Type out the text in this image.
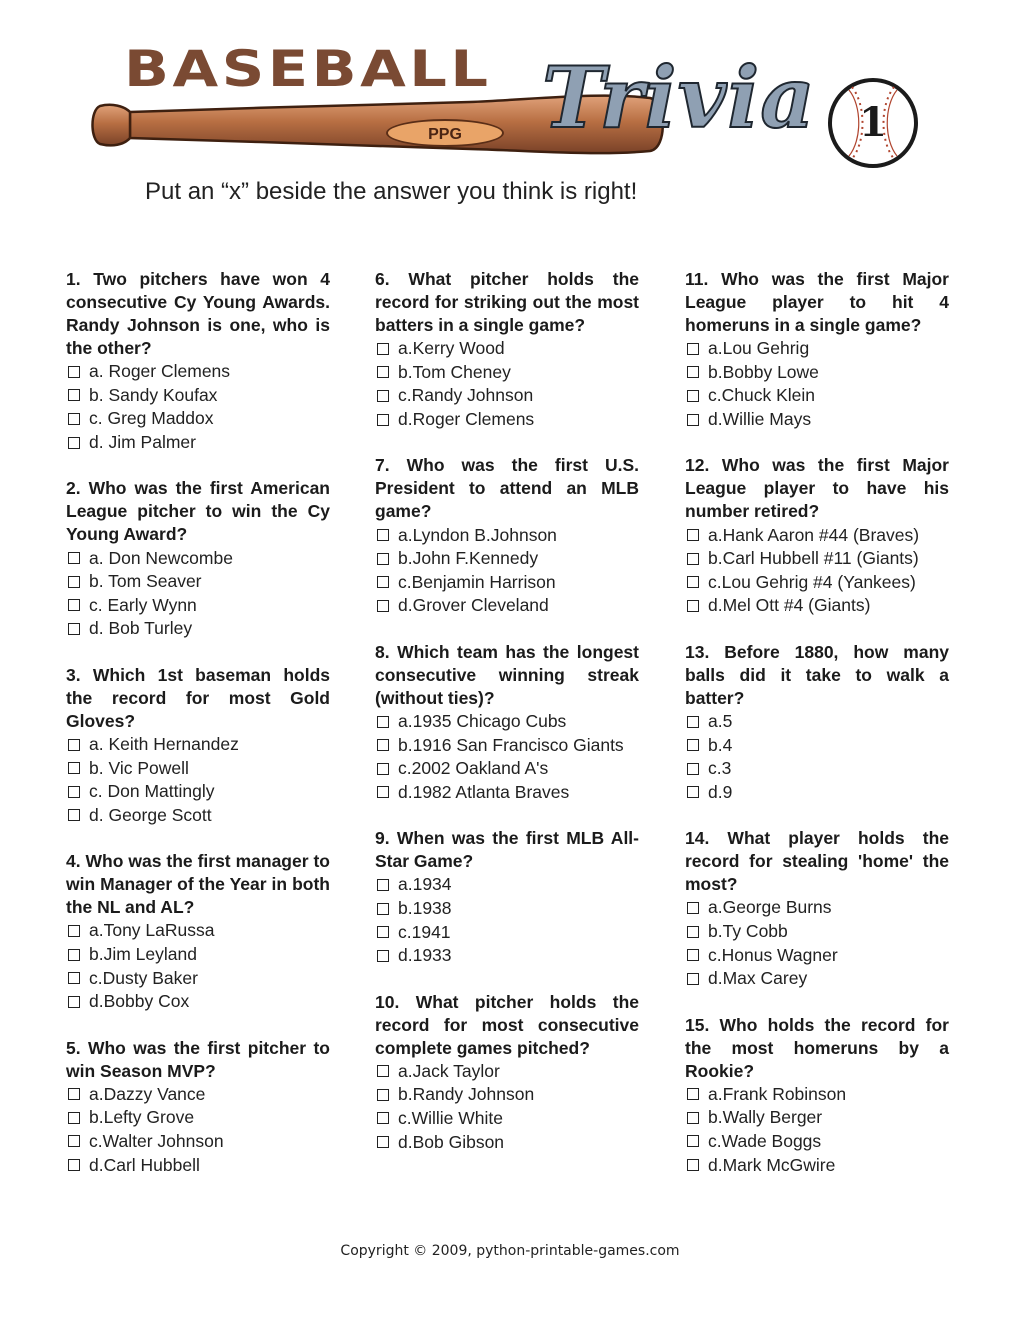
BASEBALL
PPG Trivia	1

Put an “x” beside the answer you think is right!

1. Two pitchers have won 4 consecutive Cy Young Awards. Randy Johnson is one, who is the other?

a. Roger Clemens
b. Sandy Koufax
c. Greg Maddox
d. Jim Palmer

2. Who was the first American League pitcher to win the Cy Young Award?

a. Don Newcombe
b. Tom Seaver
c. Early Wynn
d. Bob Turley

3. Which 1st baseman holds the record for most Gold Gloves?

a. Keith Hernandez
b. Vic Powell
c. Don Mattingly
d. George Scott

4. Who was the first manager to win Manager of the Year in both the NL and AL?

a.Tony LaRussa
b.Jim Leyland
c.Dusty Baker
d.Bobby Cox

5. Who was the first pitcher to win Season MVP?

a.Dazzy Vance
b.Lefty Grove
c.Walter Johnson
d.Carl Hubbell

6. What pitcher holds the record for striking out the most batters in a single game?

a.Kerry Wood
b.Tom Cheney
c.Randy Johnson
d.Roger Clemens

7. Who was the first U.S. President to attend an MLB game?

a.Lyndon B.Johnson
b.John F.Kennedy
c.Benjamin Harrison
d.Grover Cleveland

8. Which team has the longest consecutive winning streak (without ties)?

a.1935 Chicago Cubs
b.1916 San Francisco Giants
c.2002 Oakland A's
d.1982 Atlanta Braves

9. When was the first MLB All-Star Game?

a.1934
b.1938
c.1941
d.1933

10. What pitcher holds the record for most consecutive complete games pitched?

a.Jack Taylor
b.Randy Johnson
c.Willie White
d.Bob Gibson

11. Who was the first Major League player to hit 4 homeruns in a single game?

a.Lou Gehrig
b.Bobby Lowe
c.Chuck Klein
d.Willie Mays

12. Who was the first Major League player to have his number retired?

a.Hank Aaron #44 (Braves)
b.Carl Hubbell #11 (Giants)
c.Lou Gehrig #4 (Yankees)
d.Mel Ott #4 (Giants)

13. Before 1880, how many balls did it take to walk a batter?

a.5
b.4
c.3
d.9

14. What player holds the record for stealing 'home' the most?

a.George Burns
b.Ty Cobb
c.Honus Wagner
d.Max Carey

15. Who holds the record for the most homeruns by a Rookie?

a.Frank Robinson
b.Wally Berger
c.Wade Boggs
d.Mark McGwire

Copyright © 2009, python-printable-games.com
